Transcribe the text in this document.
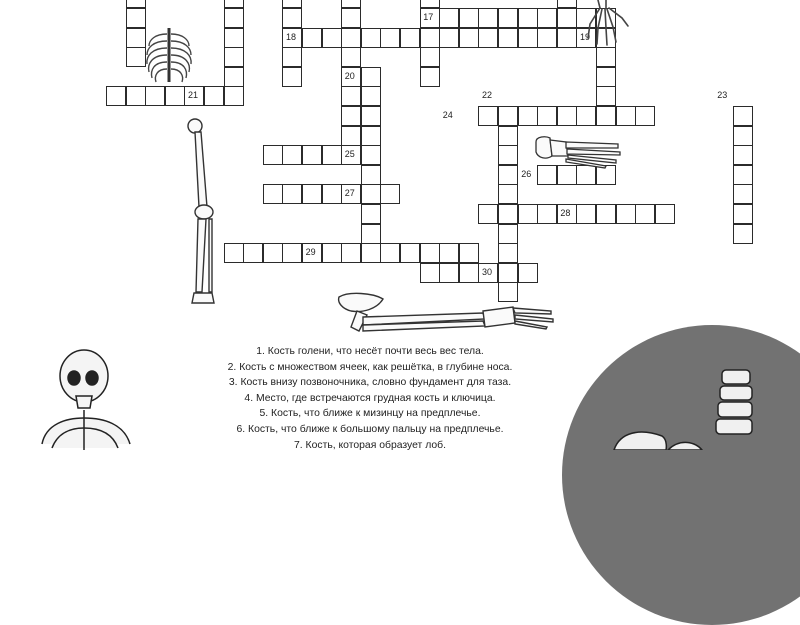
17
18	19
20
21	22	23
24
25
26
27
28
29
30
1. Кость голени, что несёт почти весь вес тела.
2. Кость с множеством ячеек, как решётка, в глубине носа.
3. Кость внизу позвоночника, словно фундамент для таза.
4. Место, где встречаются грудная кость и ключица.
5. Кость, что ближе к мизинцу на предплечье.
6. Кость, что ближе к большому пальцу на предплечье.
7. Кость, которая образует лоб.
